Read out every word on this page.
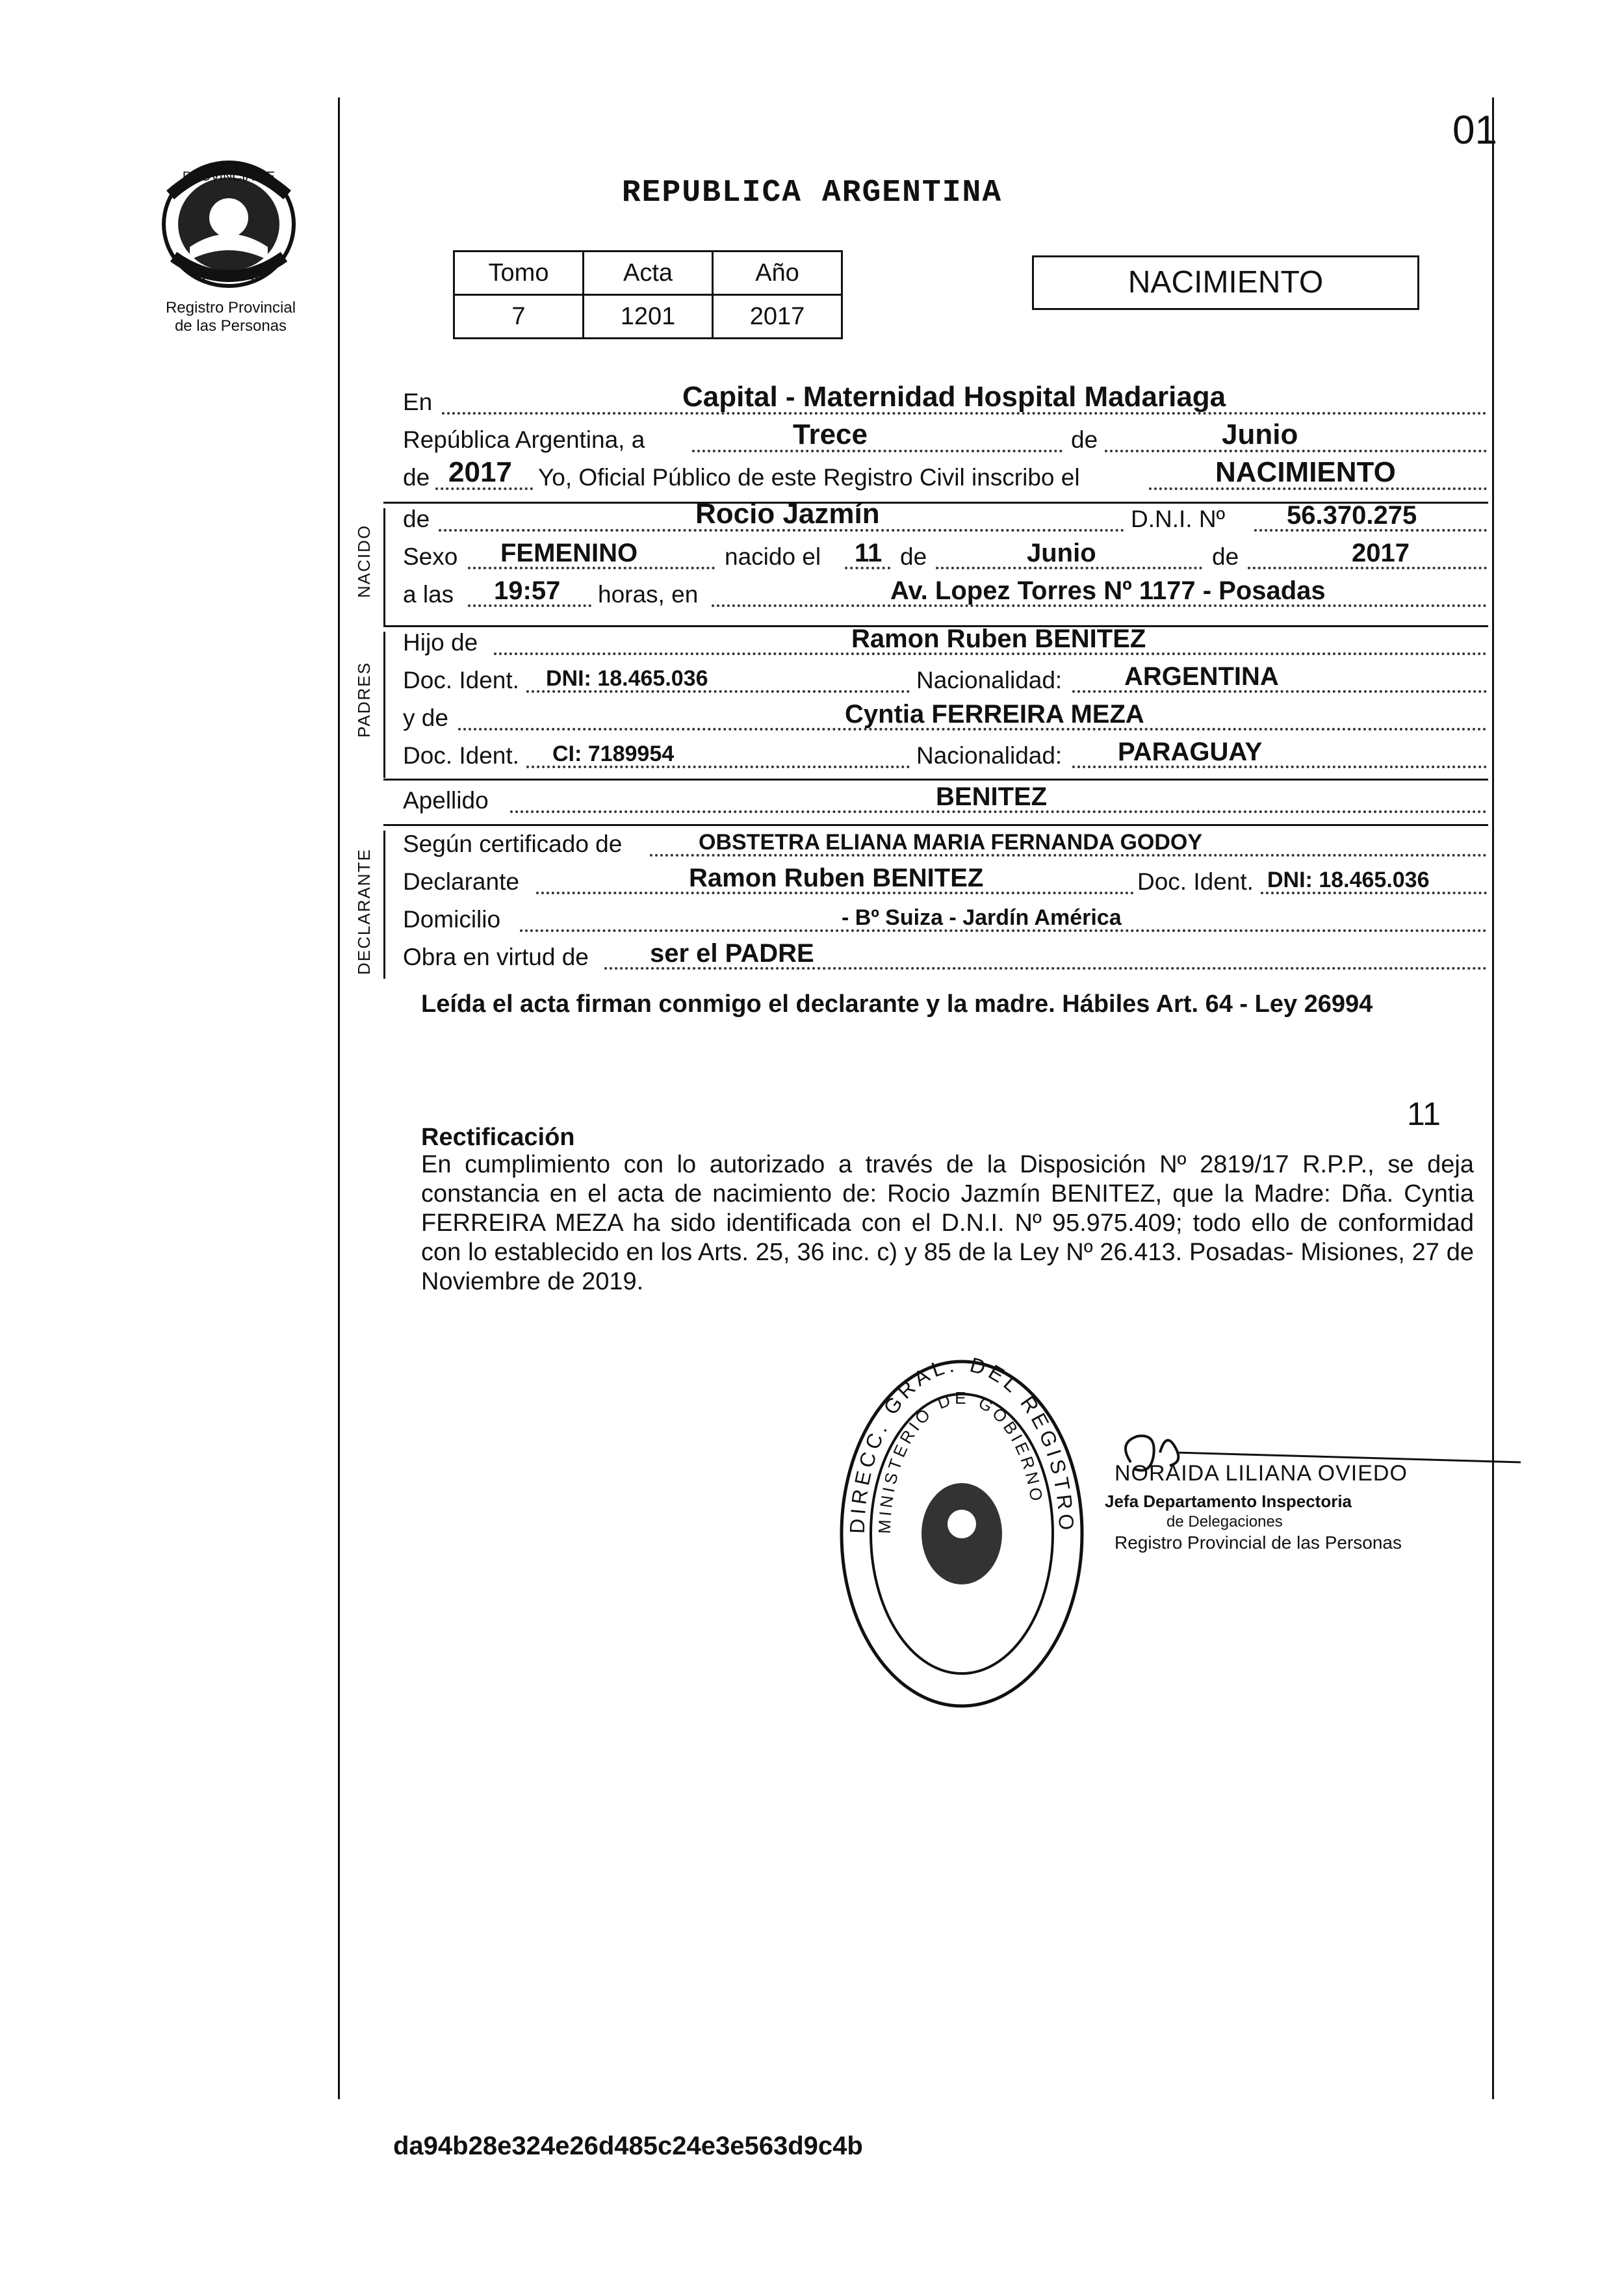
PROVINCIA DE
MISIONES
Registro Provincial
de las Personas
01
REPUBLICA ARGENTINA
Tomo	Acta	Año
7	1201	2017
NACIMIENTO
En	Capital - Maternidad Hospital Madariaga
República Argentina, a	Trece	de	Junio
de 2017 Yo, Oficial Público de este Registro Civil inscribo el	NACIMIENTO
NACIDO
de	Rocio Jazmín	D.N.I. Nº 56.370.275
Sexo FEMENINO	nacido el 11 de	Junio	de	2017
a las 19:57 horas, en	Av. Lopez Torres Nº 1177 - Posadas
PADRES
Hijo de	Ramon Ruben BENITEZ
Doc. Ident. DNI: 18.465.036	Nacionalidad: ARGENTINA
y de	Cyntia FERREIRA MEZA
Doc. Ident. CI: 7189954	Nacionalidad: PARAGUAY
Apellido	BENITEZ
DECLARANTE
Según certificado de	OBSTETRA ELIANA MARIA FERNANDA GODOY
Declarante	Ramon Ruben BENITEZ	Doc. Ident. DNI: 18.465.036
Domicilio	- Bº Suiza - Jardín América
Obra en virtud de ser el PADRE
Leída el acta firman conmigo el declarante y la madre. Hábiles Art. 64 - Ley 26994
11
Rectificación
En cumplimiento con lo autorizado a través de la Disposición Nº 2819/17 R.P.P., se deja constancia en el acta de nacimiento de: Rocio Jazmín BENITEZ, que la Madre: Dña. Cyntia FERREIRA MEZA ha sido identificada con el D.N.I. Nº 95.975.409; todo ello de conformidad con lo establecido en los Arts. 25, 36 inc. c) y 85 de la Ley Nº 26.413. Posadas- Misiones, 27 de Noviembre de 2019.
DIRECC. GRAL. DEL REGISTRO
MINISTERIO DE GOBIERNO
NORAIDA LILIANA OVIEDO
Jefa Departamento Inspectoria
de Delegaciones
Registro Provincial de las Personas
da94b28e324e26d485c24e3e563d9c4b
